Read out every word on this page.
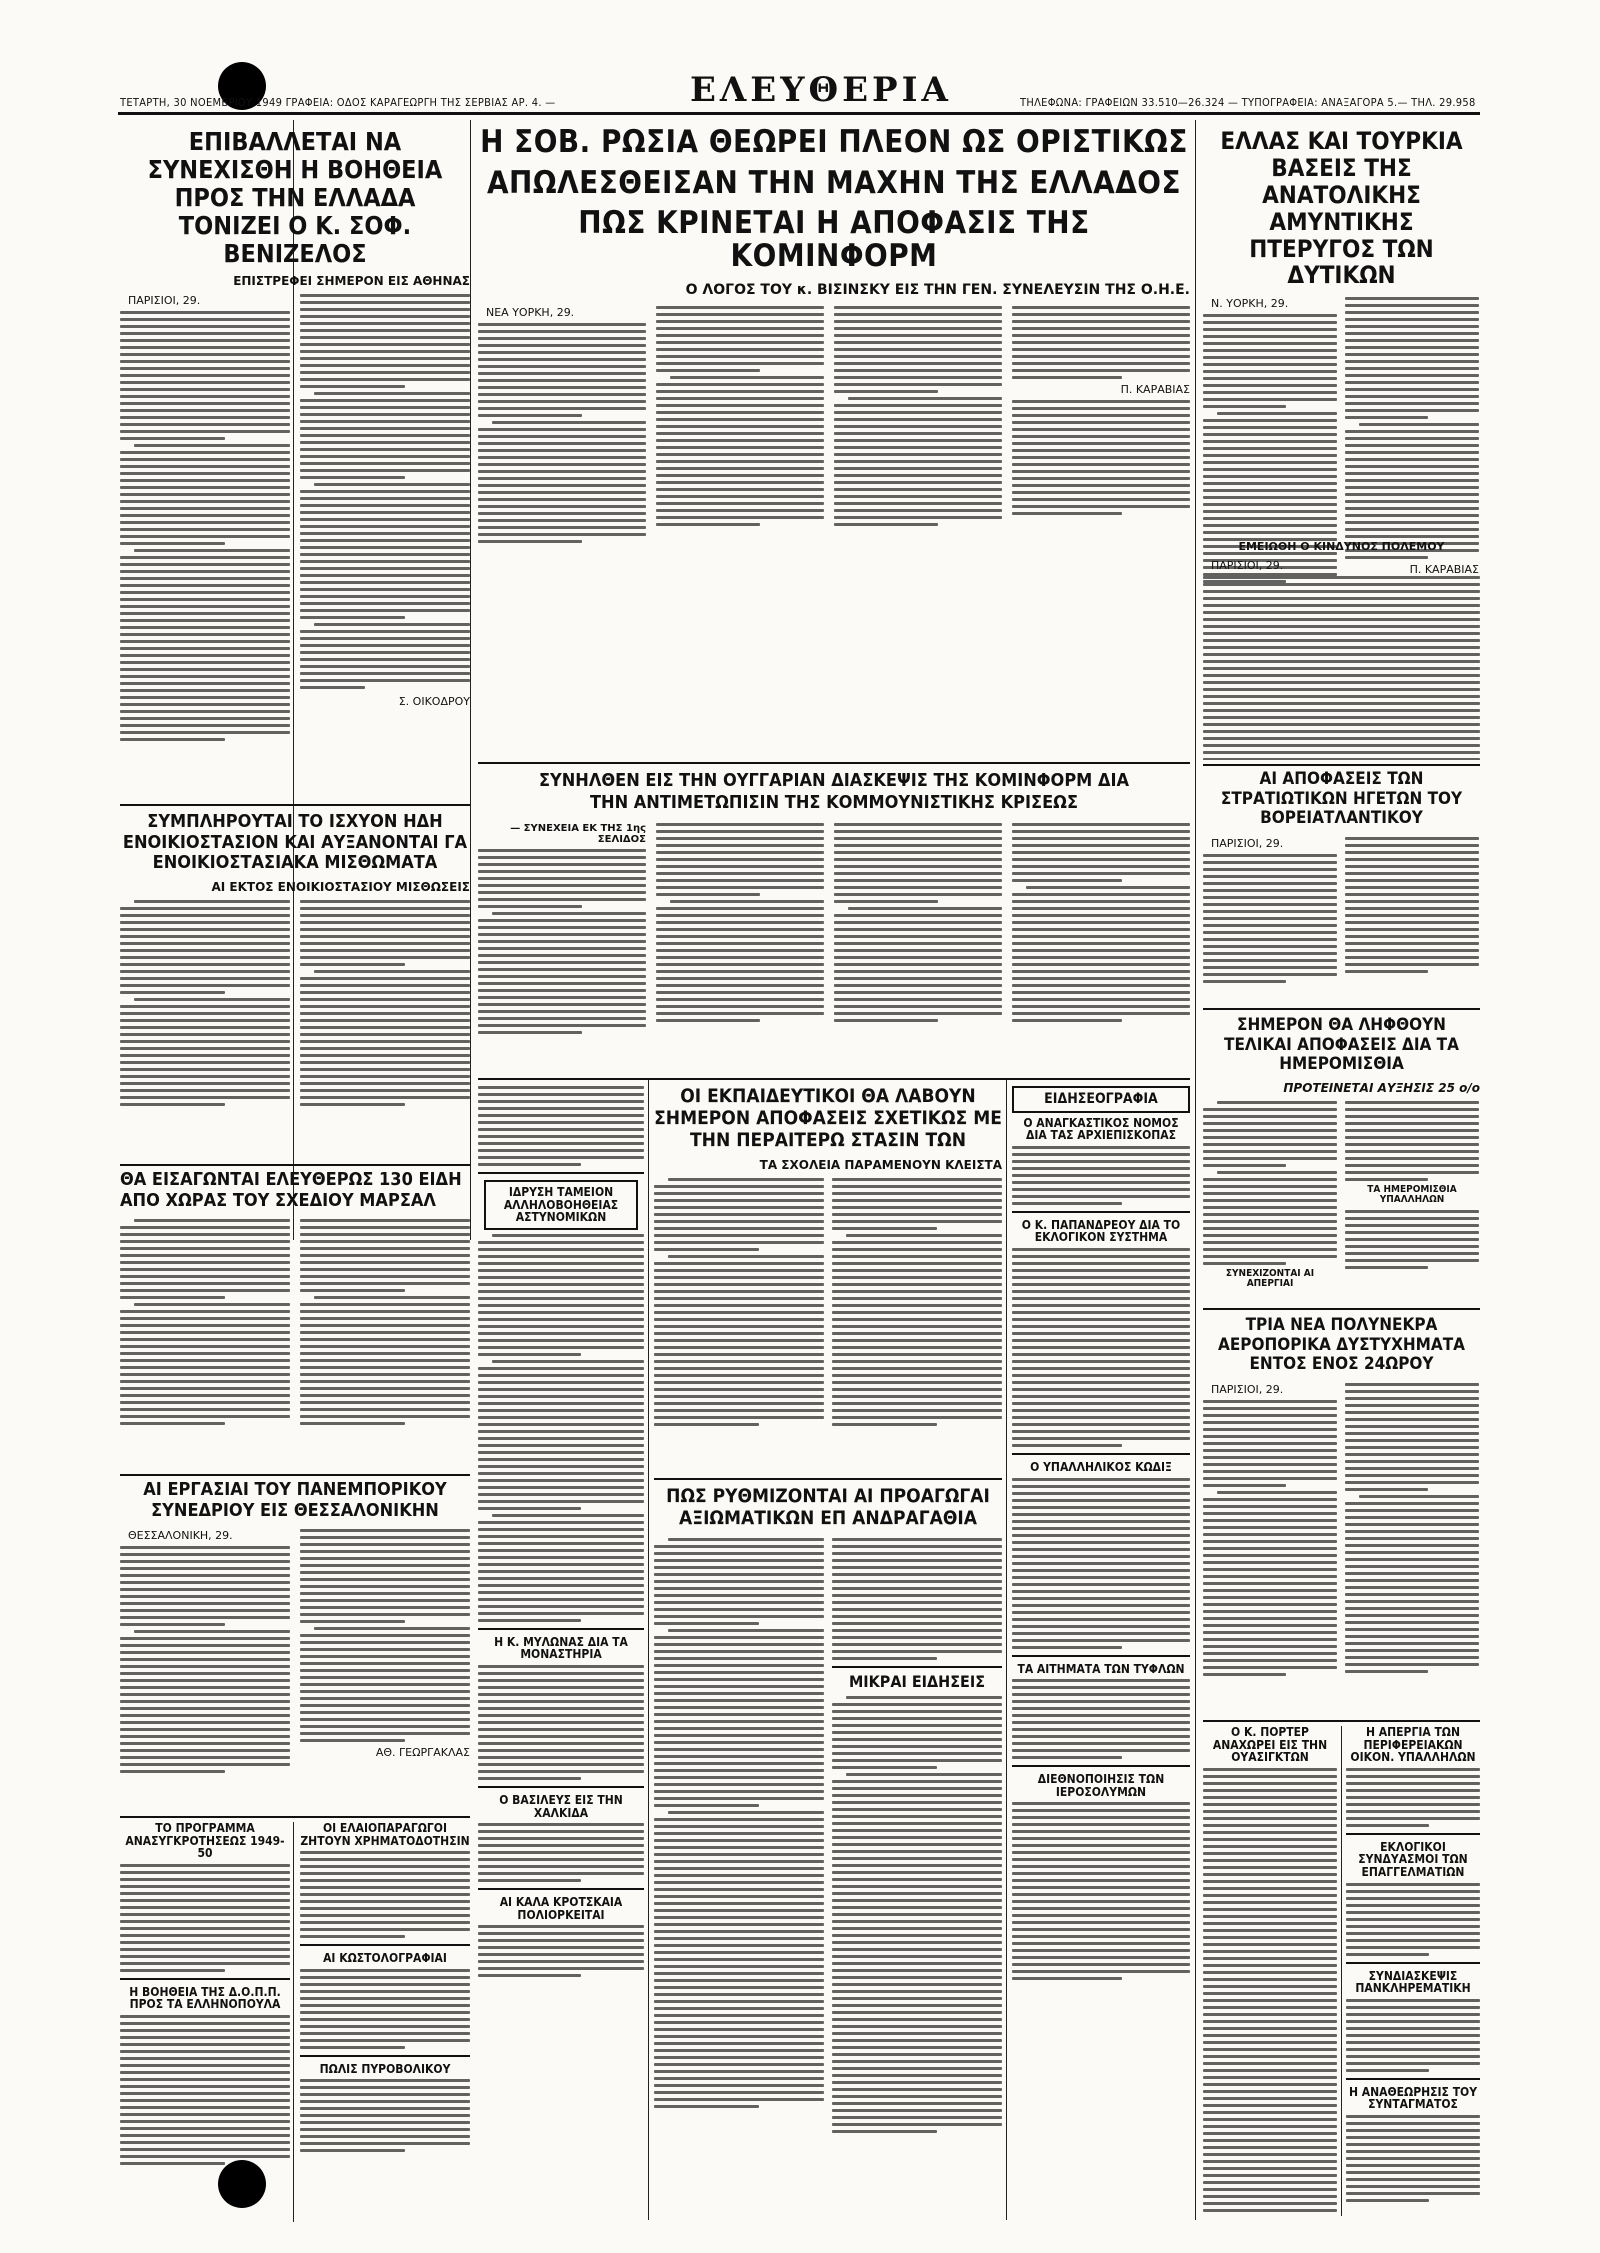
ΤΕΤΑΡΤΗ, 30 ΝΟΕΜΒΡΙΟΥ 1949 ΓΡΑΦΕΙΑ: ΟΔΟΣ ΚΑΡΑΓΕΩΡΓΗ ΤΗΣ ΣΕΡΒΙΑΣ ΑΡ. 4. —	ΕΛΕΥΘΕΡΙΑ	ΤΗΛΕΦΩΝΑ: ΓΡΑΦΕΙΩΝ 33.510—26.324 — ΤΥΠΟΓΡΑΦΕΙΑ: ΑΝΑΞΑΓΟΡΑ 5.— ΤΗΛ. 29.958
ΕΠΙΒΑΛΛΕΤΑΙ ΝΑ ΣΥΝΕΧΙΣΘΗ Η ΒΟΗΘΕΙΑ ΠΡΟΣ ΤΗΝ ΕΛΛΑΔΑ ΤΟΝΙΖΕΙ Ο Κ. ΣΟΦ. ΒΕΝΙΖΕΛΟΣ
ΕΠΙΣΤΡΕΦΕΙ ΣΗΜΕΡΟΝ ΕΙΣ ΑΘΗΝΑΣ
ΠΑΡΙΣΙΟΙ, 29.
Σ. ΟΙΚΟΔΡΟΥ
Η ΣΟΒ. ΡΩΣΙΑ ΘΕΩΡΕΙ ΠΛΕΟΝ ΩΣ ΟΡΙΣΤΙΚΩΣ
ΑΠΩΛΕΣΘΕΙΣΑΝ ΤΗΝ ΜΑΧΗΝ ΤΗΣ ΕΛΛΑΔΟΣ
ΠΩΣ ΚΡΙΝΕΤΑΙ Η ΑΠΟΦΑΣΙΣ ΤΗΣ ΚΟΜΙΝΦΟΡΜ
Ο ΛΟΓΟΣ ΤΟΥ κ. ΒΙΣΙΝΣΚΥ ΕΙΣ ΤΗΝ ΓΕΝ. ΣΥΝΕΛΕΥΣΙΝ ΤΗΣ Ο.Η.Ε.
ΝΕΑ ΥΟΡΚΗ, 29.
Π. ΚΑΡΑΒΙΑΣ
ΕΛΛΑΣ ΚΑΙ ΤΟΥΡΚΙΑ ΒΑΣΕΙΣ ΤΗΣ ΑΝΑΤΟΛΙΚΗΣ ΑΜΥΝΤΙΚΗΣ ΠΤΕΡΥΓΟΣ ΤΩΝ ΔΥΤΙΚΩΝ
Ν. ΥΟΡΚΗ, 29.
Π. ΚΑΡΑΒΙΑΣ
ΕΜΕΙΩΘΗ Ο ΚΙΝΔΥΝΟΣ ΠΟΛΕΜΟΥ
ΠΑΡΙΣΙΟΙ, 29.
ΣΥΜΠΛΗΡΟΥΤΑΙ ΤΟ ΙΣΧΥΟΝ ΗΔΗ ΕΝΟΙΚΙΟΣΤΑΣΙΟΝ ΚΑΙ ΑΥΞΑΝΟΝΤΑΙ ΓΑ ΕΝΟΙΚΙΟΣΤΑΣΙΑΚΑ ΜΙΣΘΩΜΑΤΑ
ΑΙ ΕΚΤΟΣ ΕΝΟΙΚΙΟΣΤΑΣΙΟΥ ΜΙΣΘΩΣΕΙΣ
ΘΑ ΕΙΣΑΓΩΝΤΑΙ ΕΛΕΥΘΕΡΩΣ 130 ΕΙΔΗ ΑΠΟ ΧΩΡΑΣ ΤΟΥ ΣΧΕΔΙΟΥ ΜΑΡΣΑΛ
ΑΙ ΕΡΓΑΣΙΑΙ ΤΟΥ ΠΑΝΕΜΠΟΡΙΚΟΥ ΣΥΝΕΔΡΙΟΥ ΕΙΣ ΘΕΣΣΑΛΟΝΙΚΗΝ
ΘΕΣΣΑΛΟΝΙΚΗ, 29.
ΑΘ. ΓΕΩΡΓΑΚΛΑΣ
ΤΟ ΠΡΟΓΡΑΜΜΑ ΑΝΑΣΥΓΚΡΟΤΗΣΕΩΣ 1949-50
Η ΒΟΗΘΕΙΑ ΤΗΣ Δ.Ο.Π.Π. ΠΡΟΣ ΤΑ ΕΛΛΗΝΟΠΟΥΛΑ
ΟΙ ΕΛΑΙΟΠΑΡΑΓΩΓΟΙ ΖΗΤΟΥΝ ΧΡΗΜΑΤΟΔΟΤΗΣΙΝ
ΑΙ ΚΩΣΤΟΛΟΓΡΑΦΙΑΙ
ΠΩΛΙΣ ΠΥΡΟΒΟΛΙΚΟΥ
ΣΥΝΗΛΘΕΝ ΕΙΣ ΤΗΝ ΟΥΓΓΑΡΙΑΝ ΔΙΑΣΚΕΨΙΣ ΤΗΣ ΚΟΜΙΝΦΟΡΜ ΔΙΑ ΤΗΝ ΑΝΤΙΜΕΤΩΠΙΣΙΝ ΤΗΣ ΚΟΜΜΟΥΝΙΣΤΙΚΗΣ ΚΡΙΣΕΩΣ
— ΣΥΝΕΧΕΙΑ ΕΚ ΤΗΣ 1ης ΣΕΛΙΔΟΣ
ΙΔΡΥΣΗ ΤΑΜΕΙΟΝ ΑΛΛΗΛΟΒΟΗΘΕΙΑΣ ΑΣΤΥΝΟΜΙΚΩΝ
Η Κ. ΜΥΛΩΝΑΣ ΔΙΑ ΤΑ ΜΟΝΑΣΤΗΡΙΑ
Ο ΒΑΣΙΛΕΥΣ ΕΙΣ ΤΗΝ ΧΑΛΚΙΔΑ
ΑΙ ΚΑΛΑ ΚΡΟΤΣΚΑΙΑ ΠΟΛΙΟΡΚΕΙΤΑΙ
ΟΙ ΕΚΠΑΙΔΕΥΤΙΚΟΙ ΘΑ ΛΑΒΟΥΝ ΣΗΜΕΡΟΝ ΑΠΟΦΑΣΕΙΣ ΣΧΕΤΙΚΩΣ ΜΕ ΤΗΝ ΠΕΡΑΙΤΕΡΩ ΣΤΑΣΙΝ ΤΩΝ
ΤΑ ΣΧΟΛΕΙΑ ΠΑΡΑΜΕΝΟΥΝ ΚΛΕΙΣΤΑ
ΠΩΣ ΡΥΘΜΙΖΟΝΤΑΙ ΑΙ ΠΡΟΑΓΩΓΑΙ ΑΞΙΩΜΑΤΙΚΩΝ ΕΠ ΑΝΔΡΑΓΑΘΙΑ
ΜΙΚΡΑΙ ΕΙΔΗΣΕΙΣ
ΕΙΔΗΣΕΟΓΡΑΦΙΑ
Ο ΑΝΑΓΚΑΣΤΙΚΟΣ ΝΟΜΟΣ ΔΙΑ ΤΑΣ ΑΡΧΙΕΠΙΣΚΟΠΑΣ
Ο Κ. ΠΑΠΑΝΔΡΕΟΥ ΔΙΑ ΤΟ ΕΚΛΟΓΙΚΟΝ ΣΥΣΤΗΜΑ
Ο ΥΠΑΛΛΗΛΙΚΟΣ ΚΩΔΙΞ
ΤΑ ΑΙΤΗΜΑΤΑ ΤΩΝ ΤΥΦΛΩΝ
ΔΙΕΘΝΟΠΟΙΗΣΙΣ ΤΩΝ ΙΕΡΟΣΟΛΥΜΩΝ
ΑΙ ΑΠΟΦΑΣΕΙΣ ΤΩΝ ΣΤΡΑΤΙΩΤΙΚΩΝ ΗΓΕΤΩΝ ΤΟΥ ΒΟΡΕΙΑΤΛΑΝΤΙΚΟΥ
ΠΑΡΙΣΙΟΙ, 29.
ΣΗΜΕΡΟΝ ΘΑ ΛΗΦΘΟΥΝ ΤΕΛΙΚΑΙ ΑΠΟΦΑΣΕΙΣ ΔΙΑ ΤΑ ΗΜΕΡΟΜΙΣΘΙΑ
ΠΡΟΤΕΙΝΕΤΑΙ ΑΥΞΗΣΙΣ 25 ο/ο
ΣΥΝΕΧΙΖΟΝΤΑΙ ΑΙ ΑΠΕΡΓΙΑΙ
ΤΑ ΗΜΕΡΟΜΙΣΘΙΑ ΥΠΑΛΛΗΛΩΝ
ΤΡΙΑ ΝΕΑ ΠΟΛΥΝΕΚΡΑ ΑΕΡΟΠΟΡΙΚΑ ΔΥΣΤΥΧΗΜΑΤΑ ΕΝΤΟΣ ΕΝΟΣ 24ΩΡΟΥ
ΠΑΡΙΣΙΟΙ, 29.
Ο Κ. ΠΟΡΤΕΡ ΑΝΑΧΩΡΕΙ ΕΙΣ ΤΗΝ ΟΥΑΣΙΓΚΤΩΝ
Η ΑΠΕΡΓΙΑ ΤΩΝ ΠΕΡΙΦΕΡΕΙΑΚΩΝ ΟΙΚΟΝ. ΥΠΑΛΛΗΛΩΝ
ΕΚΛΟΓΙΚΟΙ ΣΥΝΔΥΑΣΜΟΙ ΤΩΝ ΕΠΑΓΓΕΛΜΑΤΙΩΝ
ΣΥΝΔΙΑΣΚΕΨΙΣ ΠΑΝΚΛΗΡΕΜΑΤΙΚΗ
Η ΑΝΑΘΕΩΡΗΣΙΣ ΤΟΥ ΣΥΝΤΑΓΜΑΤΟΣ
